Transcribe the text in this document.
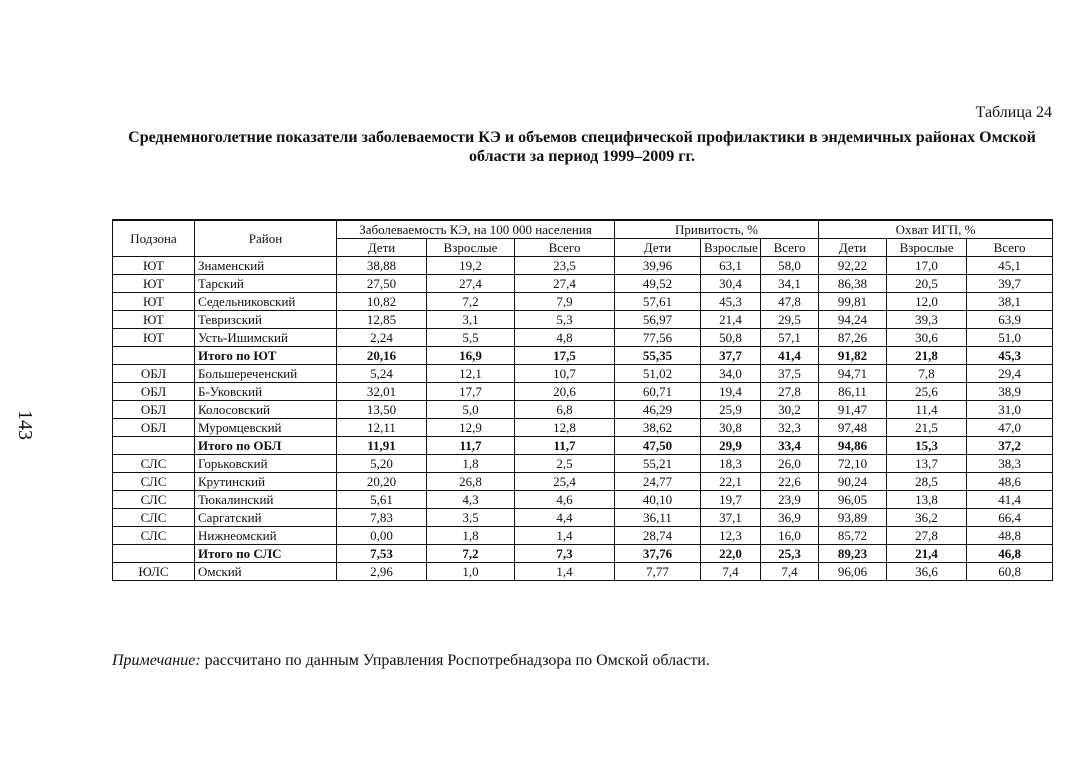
143
Таблица 24
Среднемноголетние показатели заболеваемости КЭ и объемов специфической профилактики в эндемичных районах Омской области за период 1999–2009 гг.
Подзона	Район	Заболеваемость КЭ, на 100 000 населения			Привитость, %			Охват ИГП, %		
		Дети	Взрослые	Всего	Дети	Взрослые	Всего	Дети	Взрослые	Всего
ЮТ	Знаменский	38,88	19,2	23,5	39,96	63,1	58,0	92,22	17,0	45,1
ЮТ	Тарский	27,50	27,4	27,4	49,52	30,4	34,1	86,38	20,5	39,7
ЮТ	Седельниковский	10,82	7,2	7,9	57,61	45,3	47,8	99,81	12,0	38,1
ЮТ	Тевризский	12,85	3,1	5,3	56,97	21,4	29,5	94,24	39,3	63,9
ЮТ	Усть-Ишимский	2,24	5,5	4,8	77,56	50,8	57,1	87,26	30,6	51,0
	Итого по ЮТ	20,16	16,9	17,5	55,35	37,7	41,4	91,82	21,8	45,3
ОБЛ	Большереченский	5,24	12,1	10,7	51,02	34,0	37,5	94,71	7,8	29,4
ОБЛ	Б-Уковский	32,01	17,7	20,6	60,71	19,4	27,8	86,11	25,6	38,9
ОБЛ	Колосовский	13,50	5,0	6,8	46,29	25,9	30,2	91,47	11,4	31,0
ОБЛ	Муромцевский	12,11	12,9	12,8	38,62	30,8	32,3	97,48	21,5	47,0
	Итого по ОБЛ	11,91	11,7	11,7	47,50	29,9	33,4	94,86	15,3	37,2
СЛС	Горьковский	5,20	1,8	2,5	55,21	18,3	26,0	72,10	13,7	38,3
СЛС	Крутинский	20,20	26,8	25,4	24,77	22,1	22,6	90,24	28,5	48,6
СЛС	Тюкалинский	5,61	4,3	4,6	40,10	19,7	23,9	96,05	13,8	41,4
СЛС	Саргатский	7,83	3,5	4,4	36,11	37,1	36,9	93,89	36,2	66,4
СЛС	Нижнеомский	0,00	1,8	1,4	28,74	12,3	16,0	85,72	27,8	48,8
	Итого по СЛС	7,53	7,2	7,3	37,76	22,0	25,3	89,23	21,4	46,8
ЮЛС	Омский	2,96	1,0	1,4	7,77	7,4	7,4	96,06	36,6	60,8
Примечание: рассчитано по данным Управления Роспотребнадзора по Омской области.
